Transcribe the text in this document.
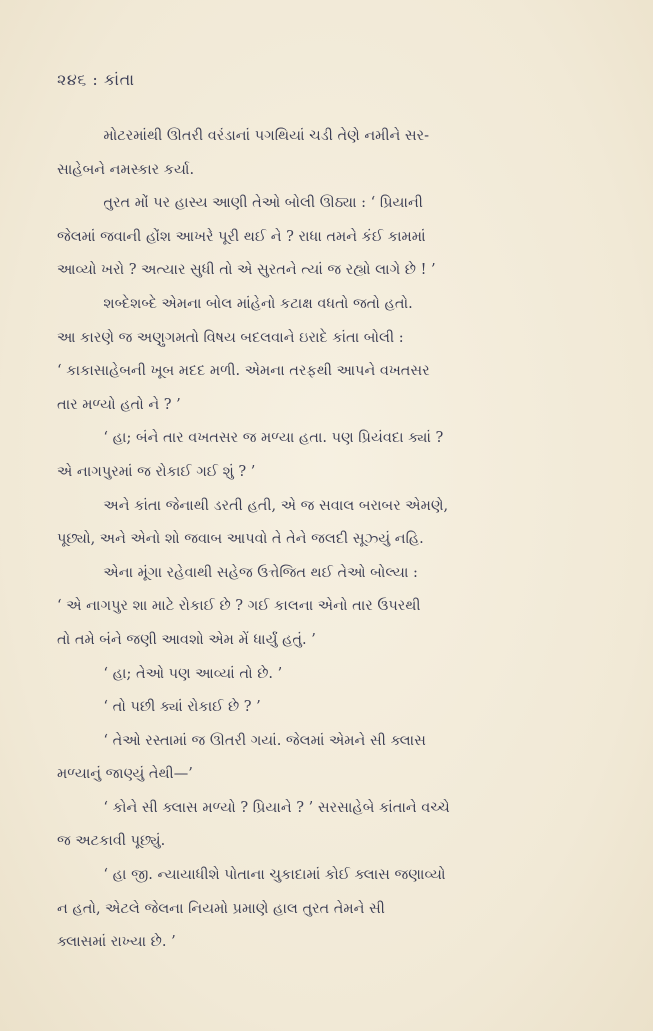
૨૪૬ : કાંતા
મોટરમાંથી ઊતરી વરંડાનાં પગથિયાં ચડી તેણે નમીને સર-
સાહેબને નમસ્કાર કર્યા.
તુરત મોં પર હાસ્ય આણી તેઓ બોલી ઊઠ્યા : ‘ પ્રિયાની
જેલમાં જવાની હોંશ આખરે પૂરી થઈ ને ? રાધા તમને કંઈ કામમાં
આવ્યો ખરો ? અત્યાર સુધી તો એ સુરતને ત્યાં જ રહ્યો લાગે છે ! ’
શબ્દેશબ્દે એમના બોલ માંહેનો કટાક્ષ વધતો જતો હતો.
આ કારણે જ અણુગમતો વિષય બદલવાને ઇરાદે કાંતા બોલી :
‘ કાકાસાહેબની ખૂબ મદદ મળી. એમના તરફથી આપને વખતસર
તાર મળ્યો હતો ને ? ’
‘ હા; બંને તાર વખતસર જ મળ્યા હતા. પણ પ્રિયંવદા ક્યાં ?
એ નાગપુરમાં જ રોકાઈ ગઈ શું ? ’
અને કાંતા જેનાથી ડરતી હતી, એ જ સવાલ બરાબર એમણે,
પૂછ્યો, અને એનો શો જવાબ આપવો તે તેને જલદી સૂઝ્યું નહિ.
એના મૂંગા રહેવાથી સહેજ ઉત્તેજિત થઈ તેઓ બોલ્યા :
‘ એ નાગપુર શા માટે રોકાઈ છે ? ગઈ કાલના એનો તાર ઉપરથી
તો તમે બંને જણી આવશો એમ મેં ધાર્યું હતું. ’
‘ હા; તેઓ પણ આવ્યાં તો છે. ’
‘ તો પછી ક્યાં રોકાઈ છે ? ’
‘ તેઓ રસ્તામાં જ ઊતરી ગયાં. જેલમાં એમને સી ક્લાસ
મળ્યાનું જાણ્યું તેથી—’
‘ કોને સી ક્લાસ મળ્યો ? પ્રિયાને ? ’ સરસાહેબે કાંતાને વચ્ચે
જ અટકાવી પૂછ્યું.
‘ હા જી. ન્યાયાધીશે પોતાના ચુકાદામાં કોઈ ક્લાસ જણાવ્યો
ન હતો, એટલે જેલના નિયમો પ્રમાણે હાલ તુરત તેમને સી
ક્લાસમાં રાખ્યા છે. ’
